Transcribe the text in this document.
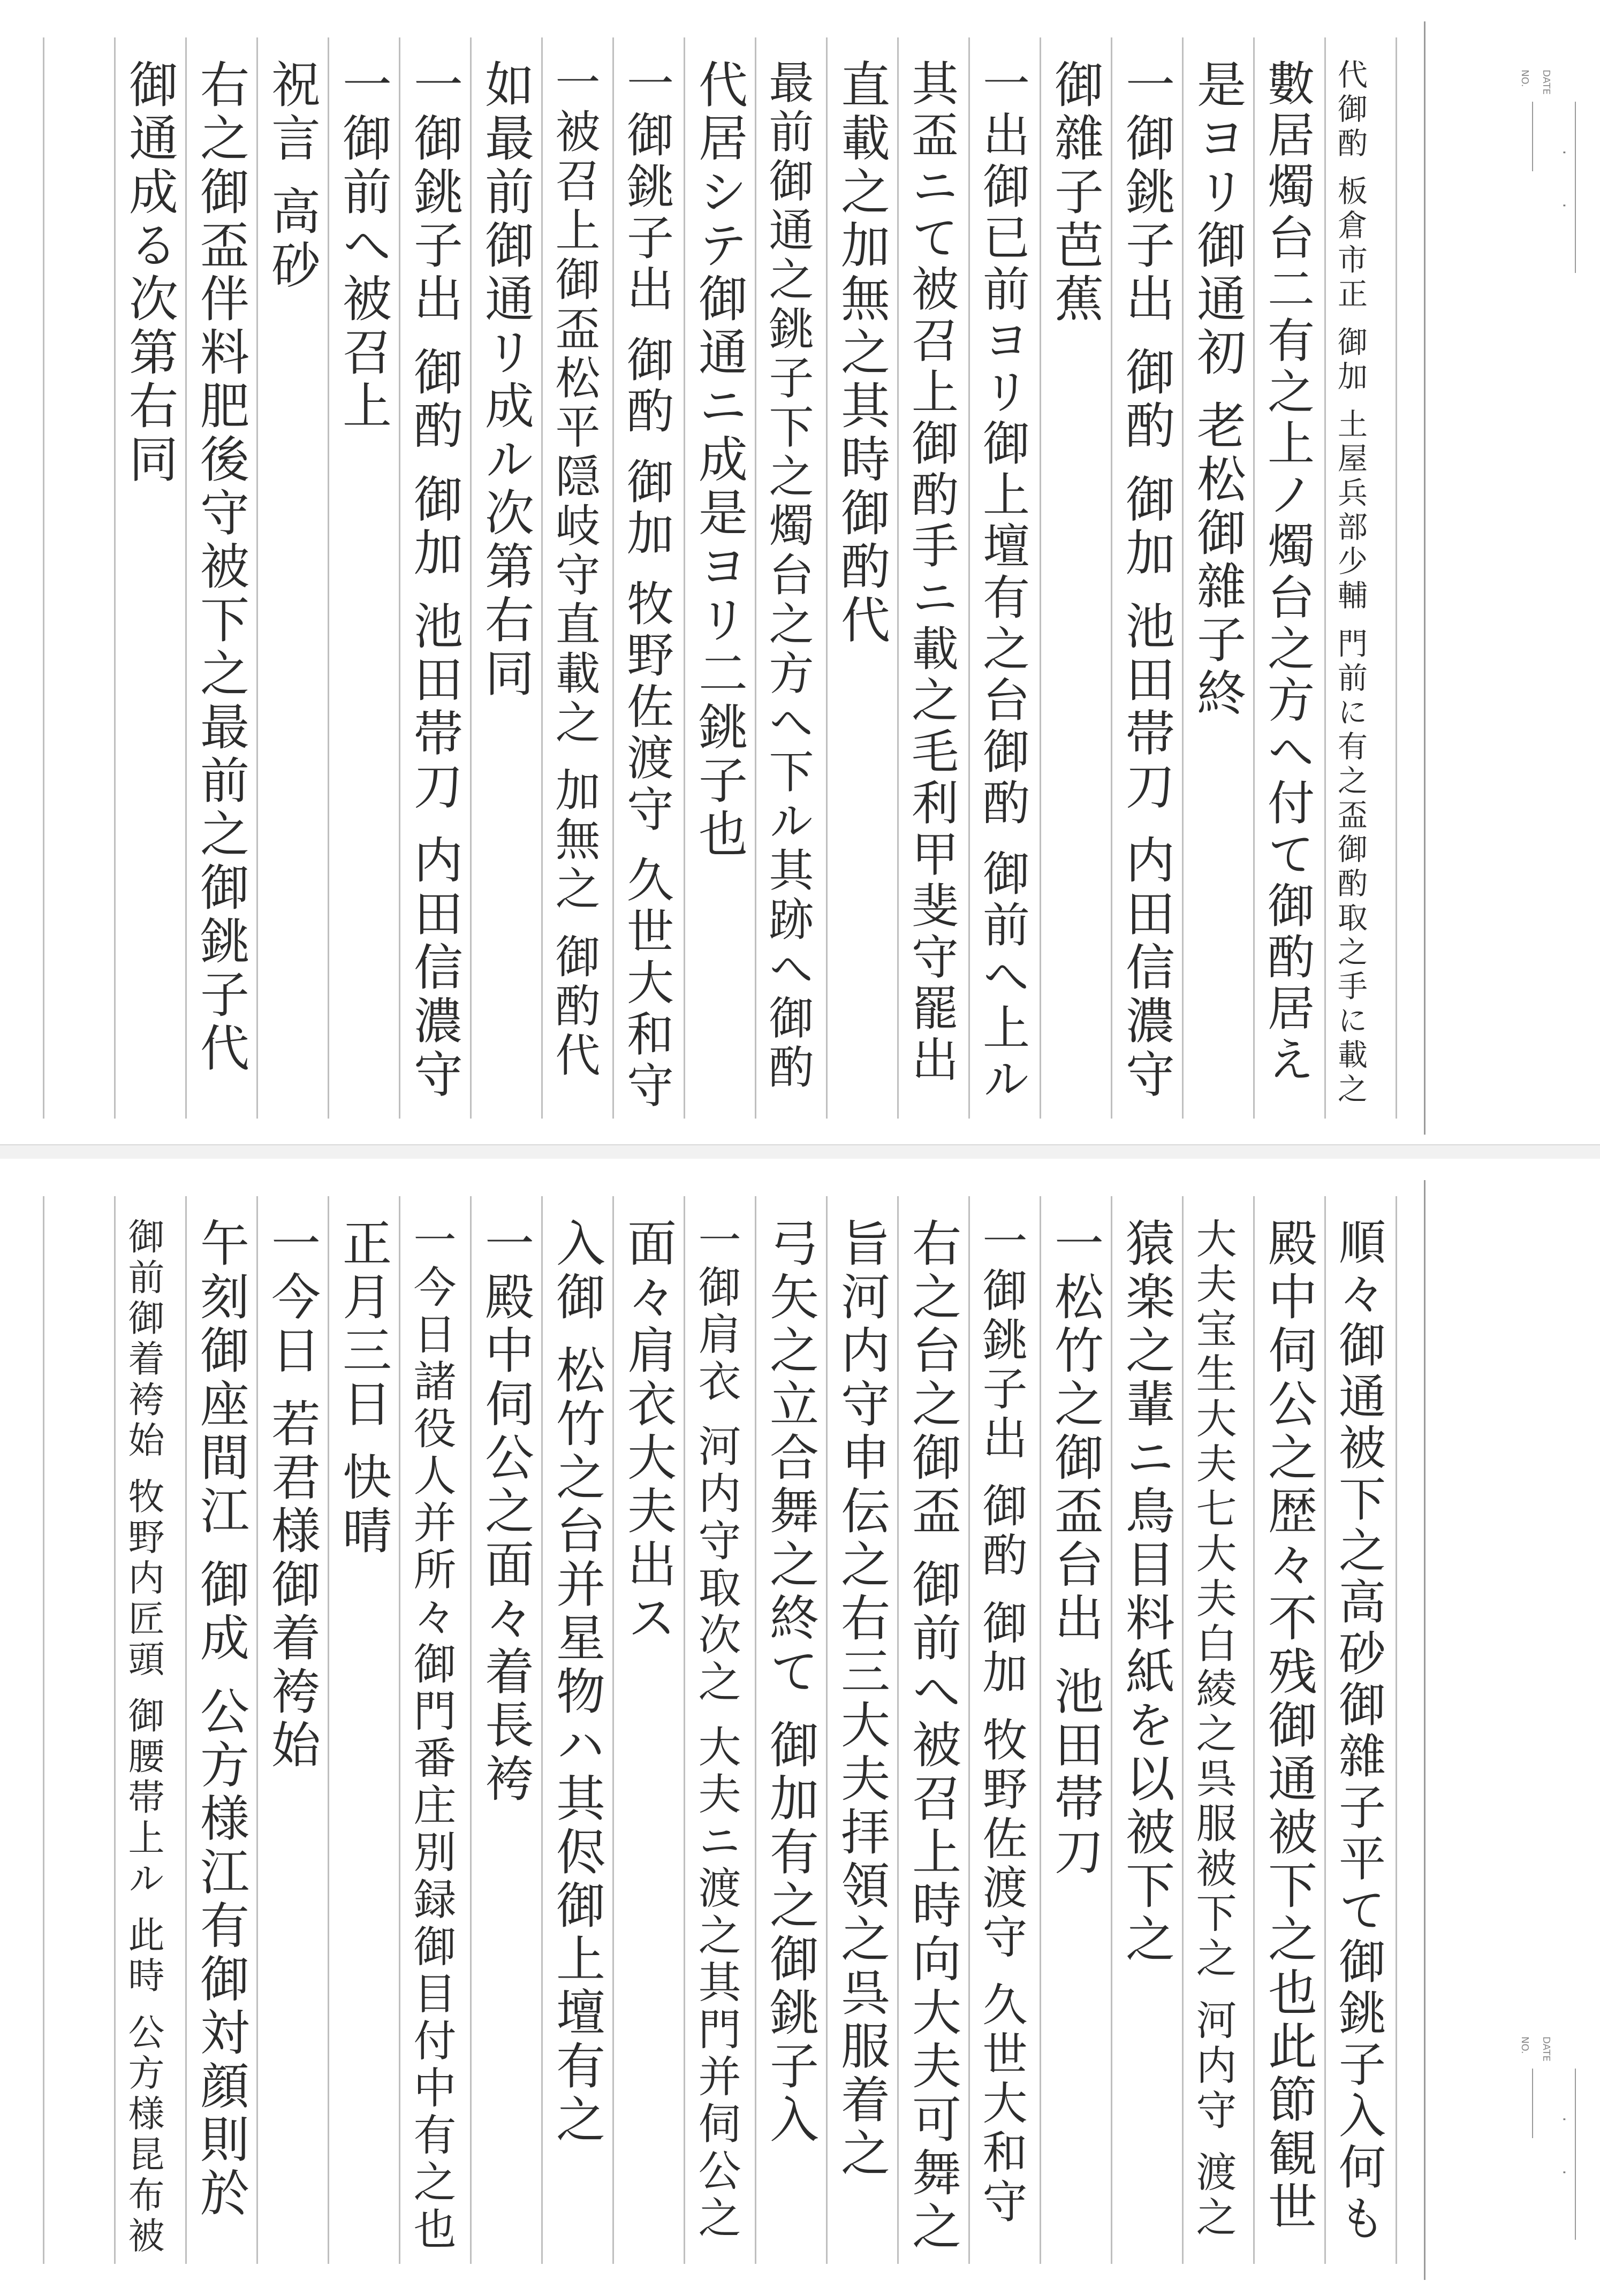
NO. DATE
· ·
代御酌 板倉市正 御加 土屋兵部少輔 門前に有之盃御酌取之手に載之
數居燭台二有之上ノ燭台之方へ付て御酌居え
是ヨリ御通初 老松御雜子終
一御銚子出 御酌 御加 池田帯刀 内田信濃守
御雜子芭蕉
一出御已前ヨリ御上壇有之台御酌 御前へ上ル
其盃ニて被召上御酌手ニ載之毛利甲斐守罷出
直載之加無之其時御酌代
最前御通之銚子下之燭台之方へ下ル其跡へ御酌
代居シテ御通ニ成是ヨリ二銚子也
一御銚子出 御酌 御加 牧野佐渡守 久世大和守
一被召上御盃松平隠岐守直載之 加無之 御酌代
如最前御通リ成ル次第右同
一御銚子出 御酌 御加 池田帯刀 内田信濃守
一御前へ被召上
祝言 高砂
右之御盃伴料肥後守被下之最前之御銚子代
御通成る次第右同
NO. DATE
· ·
順々御通被下之高砂御雜子平て御銚子入何も
殿中伺公之歴々不残御通被下之也此節観世
大夫宝生大夫七大夫白綾之呉服被下之 河内守 渡之
猿楽之輩ニ鳥目料紙を以被下之
一松竹之御盃台出 池田帯刀
一御銚子出 御酌 御加 牧野佐渡守 久世大和守
右之台之御盃 御前へ被召上時向大夫可舞之
旨河内守申伝之右三大夫拝領之呉服着之
弓矢之立合舞之終て 御加有之御銚子入
一御肩衣 河内守取次之 大夫ニ渡之其門并伺公之
面々肩衣大夫出ス
入御 松竹之台并星物ハ其侭御上壇有之
一殿中伺公之面々着長袴
一今日諸役人并所々御門番庄別録御目付中有之也
正月三日 快晴
一今日 若君様御着袴始
午刻御座間江 御成 公方様江有御対顔則於
御前御着袴始 牧野内匠頭 御腰帯上ル 此時 公方様昆布被
